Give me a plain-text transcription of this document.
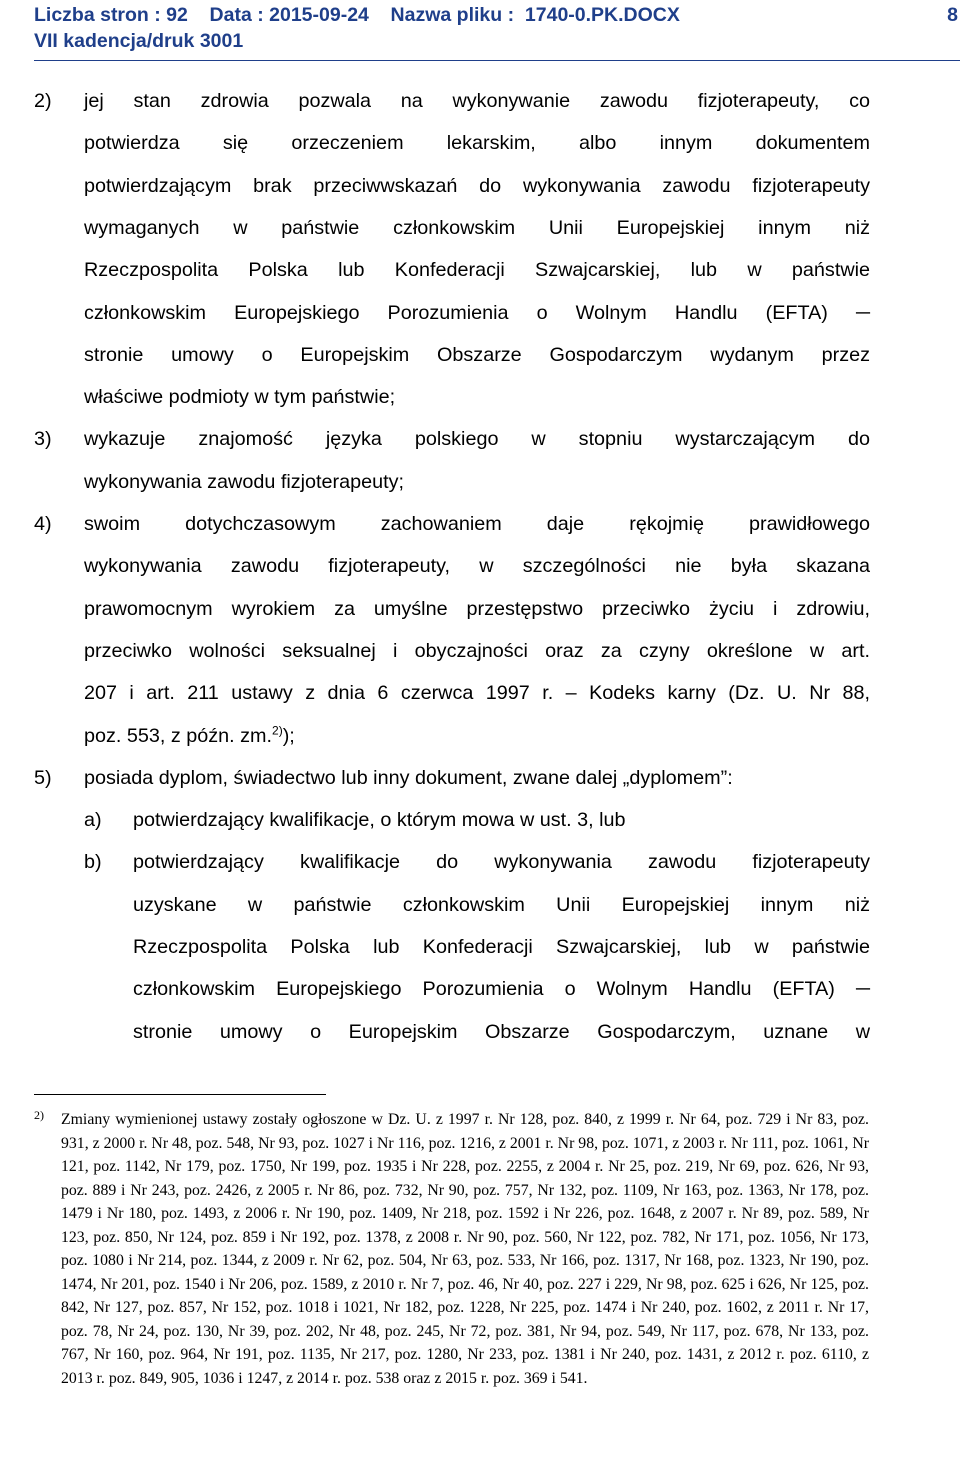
Liczba stron : 92    Data : 2015-09-24    Nazwa pliku :  1740-0.PK.DOCX
VII kadencja/druk 3001
8
2) jej stan zdrowia pozwala na wykonywanie zawodu fizjoterapeuty, co
potwierdza się orzeczeniem lekarskim, albo innym dokumentem
potwierdzającym brak przeciwwskazań do wykonywania zawodu fizjoterapeuty
wymaganych w państwie członkowskim Unii Europejskiej innym niż
Rzeczpospolita Polska lub Konfederacji Szwajcarskiej, lub w państwie
członkowskim Europejskiego Porozumienia o Wolnym Handlu (EFTA) ─
stronie umowy o Europejskim Obszarze Gospodarczym wydanym przez
właściwe podmioty w tym państwie;
3) wykazuje znajomość języka polskiego w stopniu wystarczającym do
wykonywania zawodu fizjoterapeuty;
4) swoim dotychczasowym zachowaniem daje rękojmię prawidłowego
wykonywania zawodu fizjoterapeuty, w szczególności nie była skazana
prawomocnym wyrokiem za umyślne przestępstwo przeciwko życiu i zdrowiu,
przeciwko wolności seksualnej i obyczajności oraz za czyny określone w art.
207 i art. 211 ustawy z dnia 6 czerwca 1997 r. – Kodeks karny (Dz. U. Nr 88,
poz. 553, z późn. zm.$^{2)}$);
5) posiada dyplom, świadectwo lub inny dokument, zwane dalej „dyplomem”:
a) potwierdzający kwalifikacje, o którym mowa w ust. 3, lub
b) potwierdzający kwalifikacje do wykonywania zawodu fizjoterapeuty
uzyskane w państwie członkowskim Unii Europejskiej innym niż
Rzeczpospolita Polska lub Konfederacji Szwajcarskiej, lub w państwie
członkowskim Europejskiego Porozumienia o Wolnym Handlu (EFTA) ─
stronie umowy o Europejskim Obszarze Gospodarczym, uznane w
2) Zmiany wymienionej ustawy zostały ogłoszone w Dz. U. z 1997 r. Nr 128, poz. 840, z 1999 r. Nr 64, poz. 729 i Nr 83, poz. 931, z 2000 r. Nr 48, poz. 548, Nr 93, poz. 1027 i Nr 116, poz. 1216, z 2001 r. Nr 98, poz. 1071, z 2003 r. Nr 111, poz. 1061, Nr 121, poz. 1142, Nr 179, poz. 1750, Nr 199, poz. 1935 i Nr 228, poz. 2255, z 2004 r. Nr 25, poz. 219, Nr 69, poz. 626, Nr 93, poz. 889 i Nr 243, poz. 2426, z 2005 r. Nr 86, poz. 732, Nr 90, poz. 757, Nr 132, poz. 1109, Nr 163, poz. 1363, Nr 178, poz. 1479 i Nr 180, poz. 1493, z 2006 r. Nr 190, poz. 1409, Nr 218, poz. 1592 i Nr 226, poz. 1648, z 2007 r. Nr 89, poz. 589, Nr 123, poz. 850, Nr 124, poz. 859 i Nr 192, poz. 1378, z 2008 r. Nr 90, poz. 560, Nr 122, poz. 782, Nr 171, poz. 1056, Nr 173, poz. 1080 i Nr 214, poz. 1344, z 2009 r. Nr 62, poz. 504, Nr 63, poz. 533, Nr 166, poz. 1317, Nr 168, poz. 1323, Nr 190, poz. 1474, Nr 201, poz. 1540 i Nr 206, poz. 1589, z 2010 r. Nr 7, poz. 46, Nr 40, poz. 227 i 229, Nr 98, poz. 625 i 626, Nr 125, poz. 842, Nr 127, poz. 857, Nr 152, poz. 1018 i 1021, Nr 182, poz. 1228, Nr 225, poz. 1474 i Nr 240, poz. 1602, z 2011 r. Nr 17, poz. 78, Nr 24, poz. 130, Nr 39, poz. 202, Nr 48, poz. 245, Nr 72, poz. 381, Nr 94, poz. 549, Nr 117, poz. 678, Nr 133, poz. 767, Nr 160, poz. 964, Nr 191, poz. 1135, Nr 217, poz. 1280, Nr 233, poz. 1381 i Nr 240, poz. 1431, z 2012 r. poz. 6110, z 2013 r. poz. 849, 905, 1036 i 1247, z 2014 r. poz. 538 oraz z 2015 r. poz. 369 i 541.
